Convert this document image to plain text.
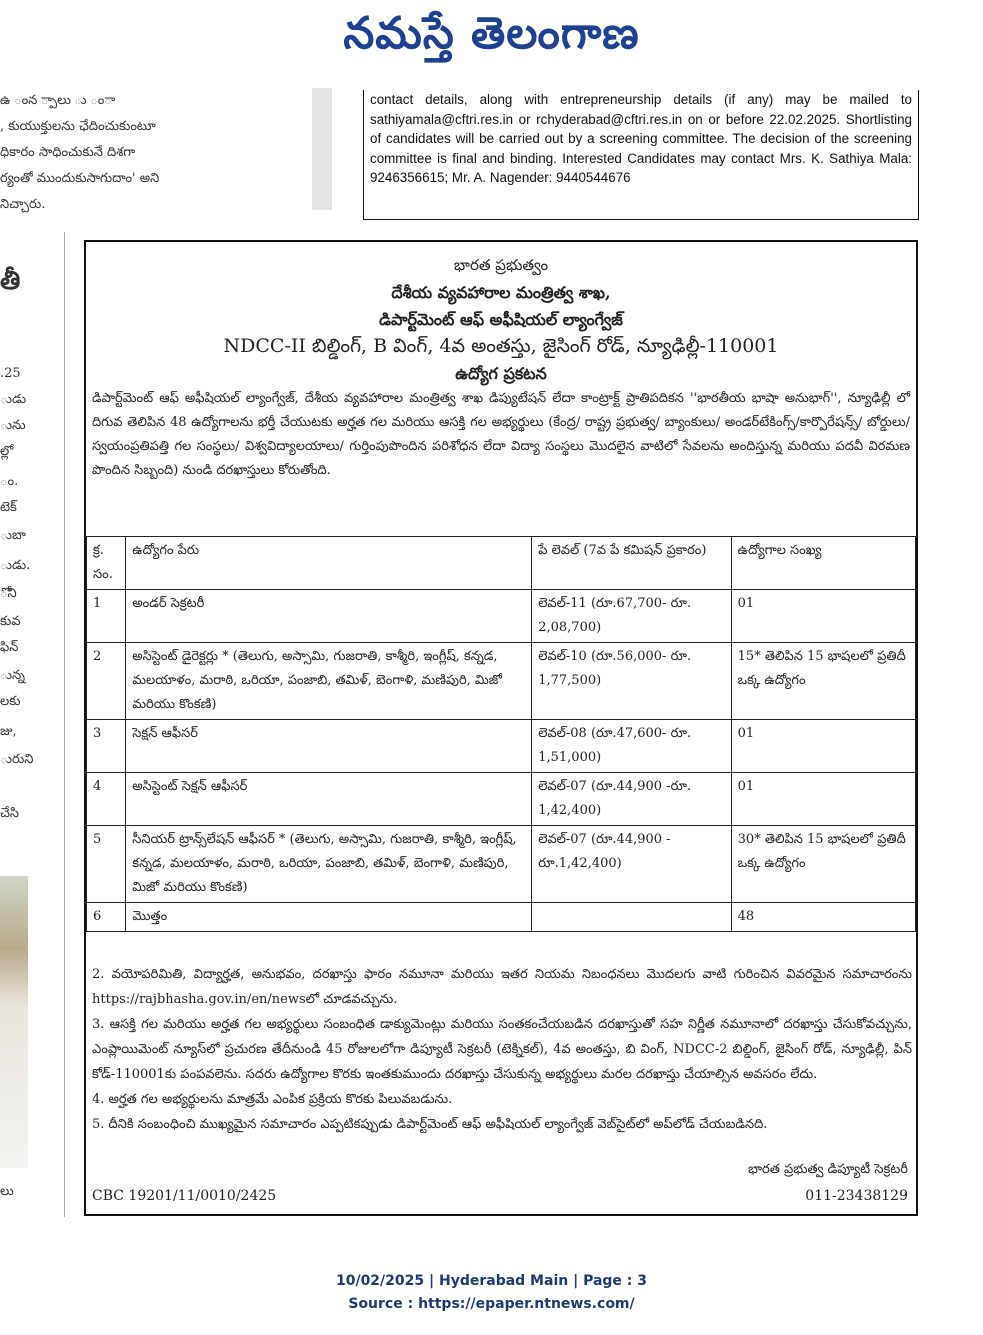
నమస్తే తెలంగాణ
ఉ ంన ్పాలు ు ంా
, కుయుక్తులను ఛేదించుకుంటూ
ధికారం సాధించుకునే దిశగా
ర్యంతో ముందుకుసాగుదాం' అని
నిచ్చారు.
తీ
.25
ుడు
ును
ల్లో
ం.
టెక్
ుబా
ుడు.
ోని
కువ
ఫిన్
ున్న
లకు
జు,
ురుని
చేసి
లు
contact details, along with entrepreneurship details (if any) may be mailed to sathiyamala@cftri.res.in or rchyderabad@cftri.res.in on or before 22.02.2025. Shortlisting of candidates will be carried out by a screening committee. The decision of the screening committee is final and binding. Interested Candidates may contact Mrs. K. Sathiya Mala: 9246356615; Mr. A. Nagender: 9440544676
భారత ప్రభుత్వం
దేశీయ వ్యవహారాల మంత్రిత్వ శాఖ,
డిపార్ట్‌మెంట్ ఆఫ్ అఫీషియల్ ల్యాంగ్వేజ్
NDCC-II బిల్డింగ్, B వింగ్, 4వ అంతస్తు, జైసింగ్ రోడ్, న్యూఢిల్లీ-110001
ఉద్యోగ ప్రకటన
డిపార్ట్‌మెంట్ ఆఫ్ అఫీషియల్ ల్యాంగ్వేజ్, దేశీయ వ్యవహారాల మంత్రిత్వ శాఖ డిప్యుటేషన్ లేదా కాంట్రాక్ట్ ప్రాతిపదికన ''భారతీయ భాషా అనుభాగ్'', న్యూఢిల్లీ లో దిగువ తెలిపిన 48 ఉద్యోగాలను భర్తీ చేయుటకు అర్హత గల మరియు ఆసక్తి గల అభ్యర్థులు (కేంద్ర/ రాష్ట్ర ప్రభుత్వ/ బ్యాంకులు/ అండర్‌టేకింగ్స్/కార్పొరేషన్స్/ బోర్డులు/ స్వయంప్రతిపత్తి గల సంస్థలు/ విశ్వవిద్యాలయాలు/ గుర్తింపుపొందిన పరిశోధన లేదా విద్యా సంస్థలు మొదలైన వాటిలో సేవలను అందిస్తున్న మరియు పదవీ విరమణ పొందిన సిబ్బంది) నుండి దరఖాస్తులు కోరుతోంది.
క్ర. సం.	ఉద్యోగం పేరు	పే లెవల్ (7వ పే కమిషన్ ప్రకారం)	ఉద్యోగాల సంఖ్య
1	అండర్ సెక్రటరీ	లెవల్-11 (రూ.67,700- రూ. 2,08,700)	01
2	అసిస్టెంట్ డైరెక్టర్లు * (తెలుగు, అస్సామి, గుజరాతి, కాశ్మీరి, ఇంగ్లీష్, కన్నడ, మలయాళం, మరాఠి, ఒరియా, పంజాబి, తమిళ్, బెంగాళి, మణిపురి, మిజో మరియు కొంకణి)	లెవల్-10 (రూ.56,000- రూ. 1,77,500)	15* తెలిపిన 15 భాషలలో ప్రతిదీ ఒక్క ఉద్యోగం
3	సెక్షన్ ఆఫీసర్	లెవల్-08 (రూ.47,600- రూ. 1,51,000)	01
4	అసిస్టెంట్ సెక్షన్ ఆఫీసర్	లెవల్-07 (రూ.44,900 -రూ. 1,42,400)	01
5	సీనియర్ ట్రాన్స్‌లేషన్ ఆఫీసర్ * (తెలుగు, అస్సామి, గుజరాతి, కాశ్మీరి, ఇంగ్లీష్, కన్నడ, మలయాళం, మరాఠి, ఒరియా, పంజాబి, తమిళ్, బెంగాళి, మణిపురి, మిజో మరియు కొంకణి)	లెవల్-07 (రూ.44,900 - రూ.1,42,400)	30* తెలిపిన 15 భాషలలో ప్రతిదీ ఒక్క ఉద్యోగం
6	మొత్తం		48
2. వయోపరిమితి, విద్యార్హత, అనుభవం, దరఖాస్తు ఫారం నమూనా మరియు ఇతర నియమ నిబంధనలు మొదలగు వాటి గురించిన వివరమైన సమాచారంను https://rajbhasha.gov.in/en/newsలో చూడవచ్చును.
3. ఆసక్తి గల మరియు అర్హత గల అభ్యర్థులు సంబంధిత డాక్యుమెంట్లు మరియు సంతకంచేయబడిన దరఖాస్తుతో సహ నిర్ణీత నమూనాలో దరఖాస్తు చేసుకోవచ్చును, ఎంప్లాయిమెంట్ న్యూస్‌లో ప్రచురణ తేదీనుండి 45 రోజులలోగా డిప్యూటీ సెక్రటరీ (టెక్నికల్), 4వ అంతస్తు, బి వింగ్, NDCC-2 బిల్డింగ్, జైసింగ్ రోడ్, న్యూఢిల్లీ, పిన్ కోడ్-110001కు పంపవలెను. సదరు ఉద్యోగాల కొరకు ఇంతకుముందు దరఖాస్తు చేసుకున్న అభ్యర్థులు మరల దరఖాస్తు చేయాల్సిన అవసరం లేదు.
4. అర్హత గల అభ్యర్థులను మాత్రమే ఎంపిక ప్రక్రియ కొరకు పిలువబడును.
5. దీనికి సంబంధించి ముఖ్యమైన సమాచారం ఎప్పటికప్పుడు డిపార్ట్‌మెంట్ ఆఫ్ అఫీషియల్ ల్యాంగ్వేజ్ వెబ్‌సైట్‌లో అప్‌లోడ్ చేయబడినది.
భారత ప్రభుత్వ డిప్యూటీ సెక్రటరీ
CBC 19201/11/0010/2425	011-23438129
10/02/2025 | Hyderabad Main | Page : 3
Source : https://epaper.ntnews.com/
